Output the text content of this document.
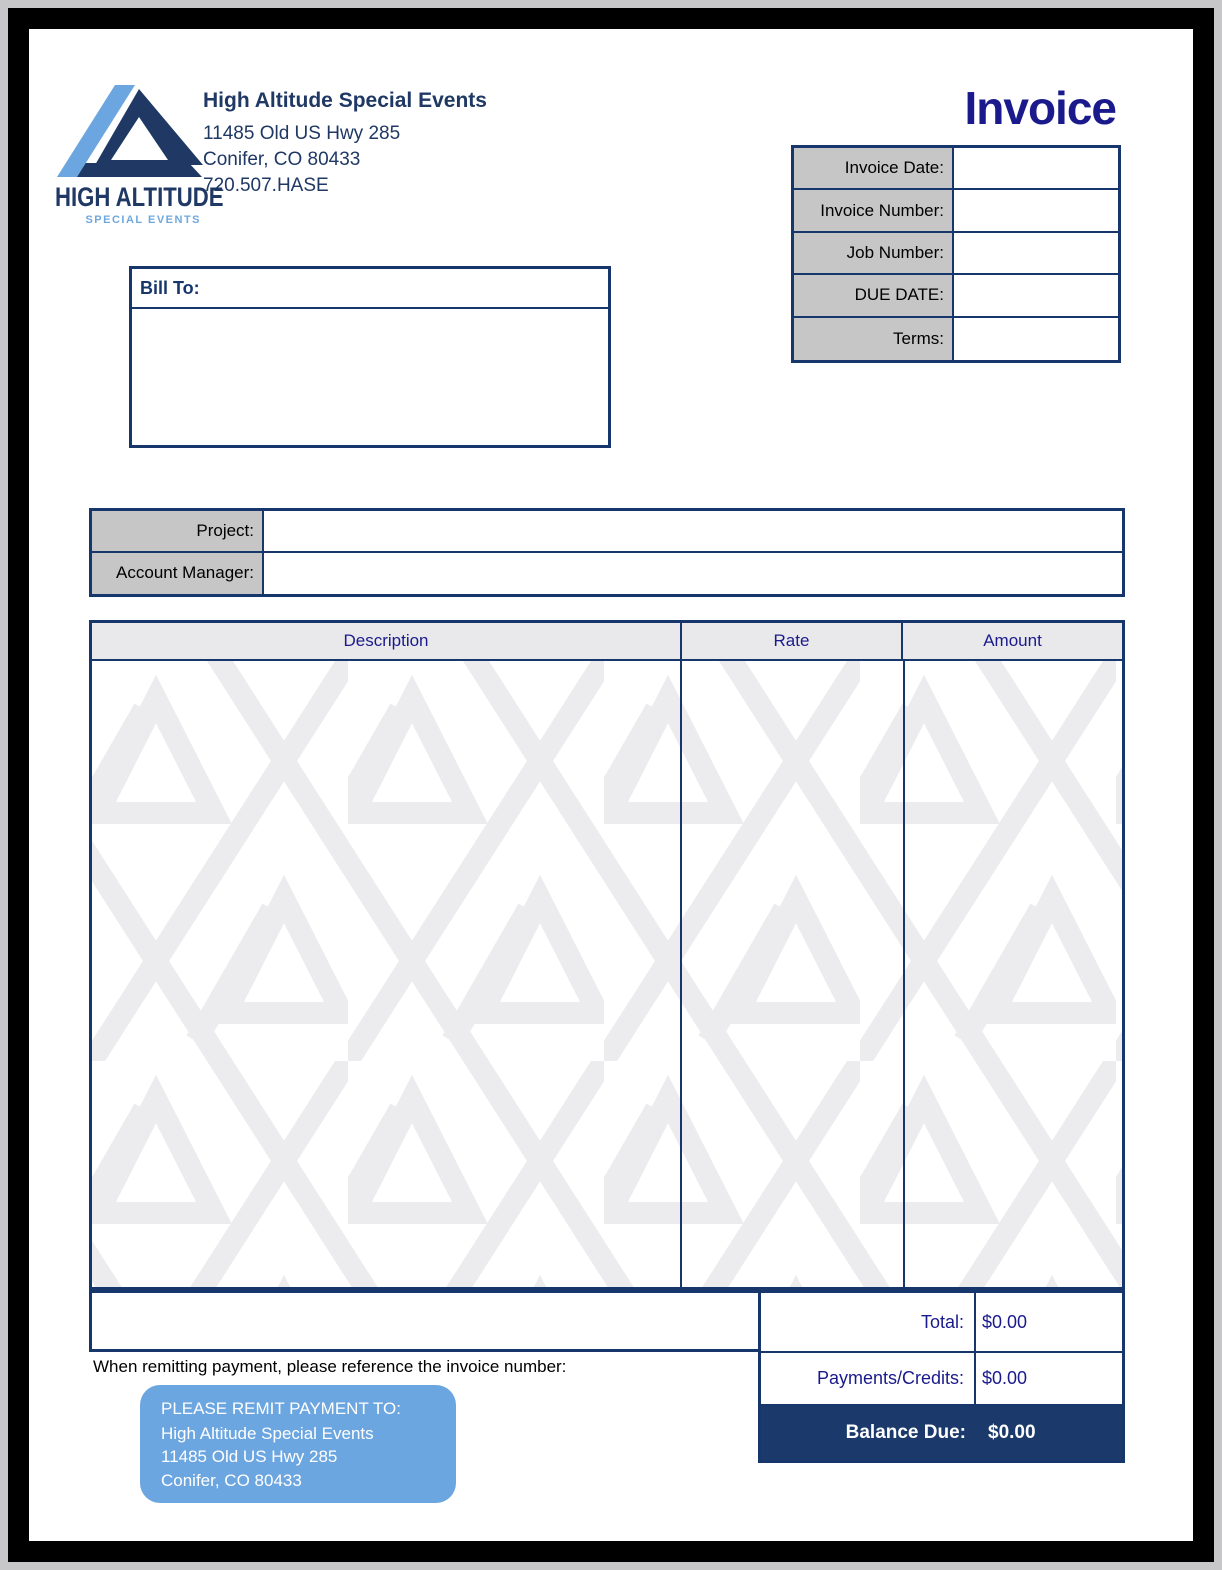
HIGH ALTITUDE
SPECIAL EVENTS
High Altitude Special Events
11485 Old US Hwy 285
Conifer, CO 80433
720.507.HASE
Invoice
Invoice Date:
Invoice Number:
Job Number:
DUE DATE:
Terms:
Bill To:
Project:
Account Manager:
Description	Rate	Amount
Total:	$0.00
Payments/Credits:	$0.00
Balance Due:	$0.00
When remitting payment, please reference the invoice number:
PLEASE REMIT PAYMENT TO:
High Altitude Special Events
11485 Old US Hwy 285
Conifer, CO 80433
